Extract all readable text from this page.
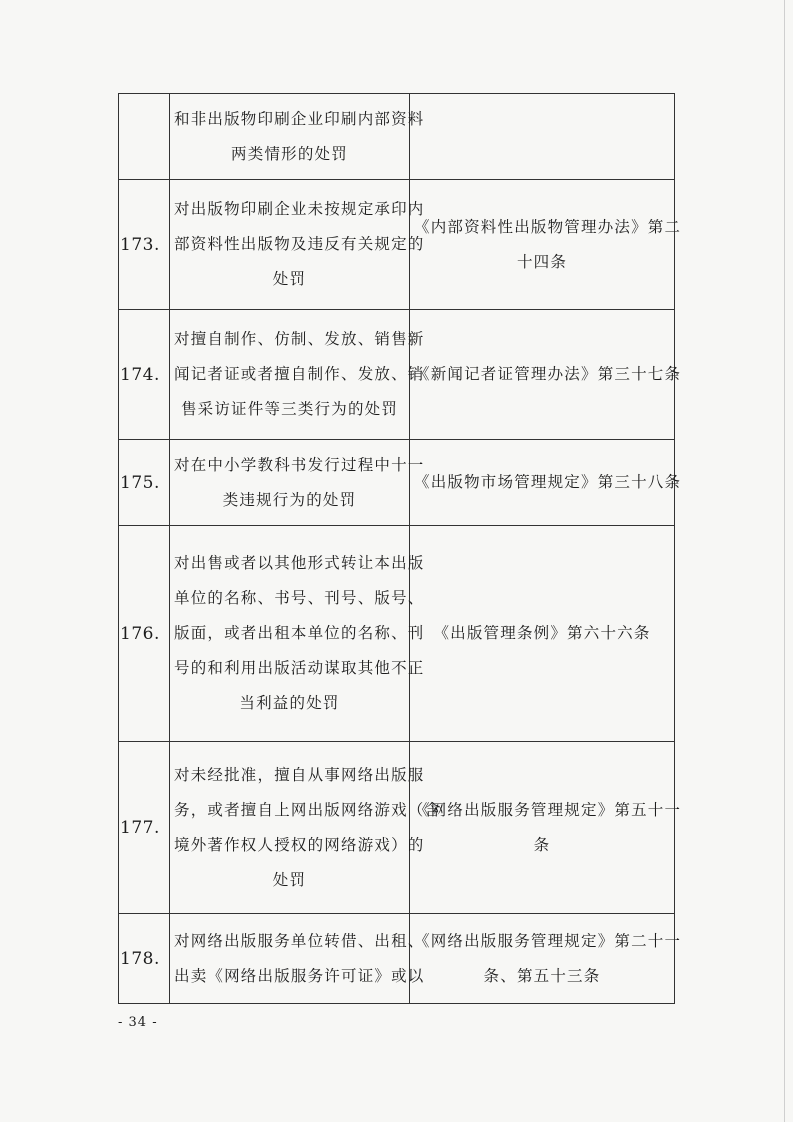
	和非出版物印刷企业印刷内部资料
两类情形的处罚	

173.	对出版物印刷企业未按规定承印内
部资料性出版物及违反有关规定的
处罚	《内部资料性出版物管理办法》第二
十四条

174.	对擅自制作、仿制、发放、销售新
闻记者证或者擅自制作、发放、销
售采访证件等三类行为的处罚	《新闻记者证管理办法》第三十七条

175.	对在中小学教科书发行过程中十一
类违规行为的处罚	《出版物市场管理规定》第三十八条

176.	对出售或者以其他形式转让本出版
单位的名称、书号、刊号、版号、
版面，或者出租本单位的名称、刊
号的和利用出版活动谋取其他不正
当利益的处罚	《出版管理条例》第六十六条

177.	对未经批准，擅自从事网络出版服
务，或者擅自上网出版网络游戏（含
境外著作权人授权的网络游戏）的
处罚	《网络出版服务管理规定》第五十一
条

178.	对网络出版服务单位转借、出租、
出卖《网络出版服务许可证》或以	《网络出版服务管理规定》第二十一
条、第五十三条
- 34 -
